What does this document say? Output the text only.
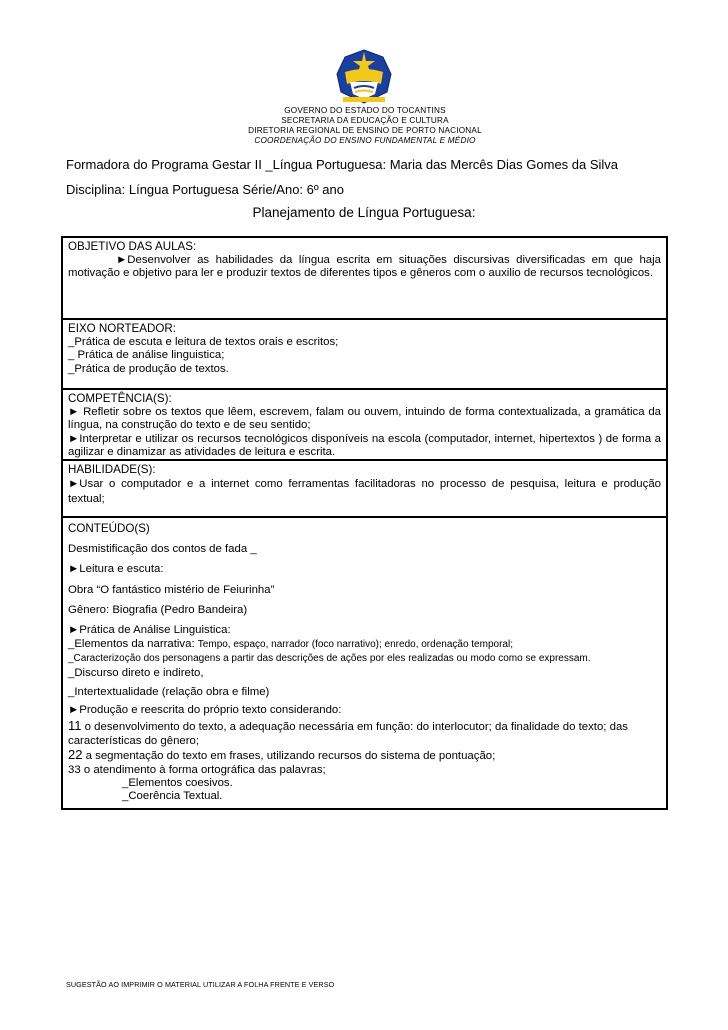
GOVERNO DO ESTADO DO TOCANTINS
SECRETARIA DA EDUCAÇÃO E CULTURA
DIRETORIA REGIONAL DE ENSINO DE PORTO NACIONAL
COORDENAÇÃO DO ENSINO FUNDAMENTAL E MÉDIO
Formadora do Programa Gestar II _Língua Portuguesa: Maria das Mercês Dias Gomes da Silva
Disciplina: Língua Portuguesa Série/Ano: 6º ano
Planejamento de Língua Portuguesa:
OBJETIVO DAS AULAS:
►Desenvolver as habilidades da língua escrita em situações discursivas diversificadas em que haja motivação e objetivo para ler e produzir textos de diferentes tipos e gêneros com o auxilio de recursos tecnológicos.
EIXO NORTEADOR:
_Prática de escuta e leitura de textos orais e escritos;
_ Prática de análise linguistica;
_Prática de produção de textos.
COMPETÊNCIA(S):
► Refletir sobre os textos que lêem, escrevem, falam ou ouvem, intuindo de forma contextualizada, a gramática da língua, na construção do texto e de seu sentido;
►Interpretar e utilizar os recursos tecnológicos disponíveis na escola (computador, internet, hipertextos ) de forma a agilizar e dinamizar as atividades de leitura e escrita.
HABILIDADE(S):
►Usar o computador e a internet como ferramentas facilitadoras no processo de pesquisa, leitura e produção textual;
CONTEÚDO(S)
Desmistificação dos contos de fada _
►Leitura e escuta:
Obra “O fantástico mistério de Feiurinha”
Gênero: Biografia (Pedro Bandeira)
►Prática de Análise Linguistica:
_Elementos da narrativa: Tempo, espaço, narrador (foco narrativo); enredo, ordenação temporal;
_Caracterizoção dos personagens a partir das descrições de ações por eles realizadas ou modo como se expressam.
_Discurso direto e indireto,
_Intertextualidade (relação obra e filme)
►Produção e reescrita do próprio texto considerando:
11 o desenvolvimento do texto, a adequação necessária em função: do interlocutor; da finalidade do texto; das características do gênero;
22 a segmentação do texto em frases, utilizando recursos do sistema de pontuação;
33 o atendimento à forma ortográfica das palavras;
_Elementos coesivos.
_Coerência Textual.
SUGESTÃO AO IMPRIMIR O MATERIAL UTILIZAR A FOLHA FRENTE E VERSO
